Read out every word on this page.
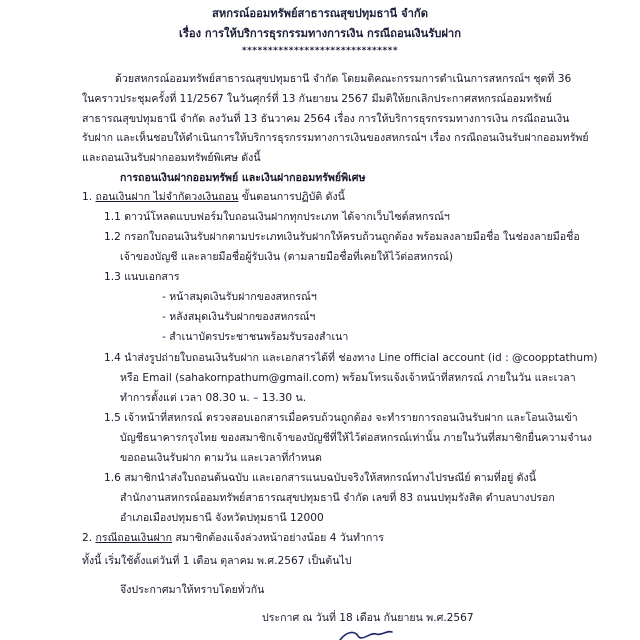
สหกรณ์ออมทรัพย์สาธารณสุขปทุมธานี จำกัด

เรื่อง การให้บริการธุรกรรมทางการเงิน กรณีถอนเงินรับฝาก

******************************

ด้วยสหกรณ์ออมทรัพย์สาธารณสุขปทุมธานี จำกัด โดยมติคณะกรรมการดำเนินการสหกรณ์ฯ ชุดที่ 36

ในคราวประชุมครั้งที่ 11/2567 ในวันศุกร์ที่ 13 กันยายน 2567 มีมติให้ยกเลิกประกาศสหกรณ์ออมทรัพย์

สาธารณสุขปทุมธานี จำกัด ลงวันที่ 13 ธันวาคม 2564 เรื่อง การให้บริการธุรกรรมทางการเงิน กรณีถอนเงิน

รับฝาก และเห็นชอบให้ดำเนินการให้บริการธุรกรรมทางการเงินของสหกรณ์ฯ เรื่อง กรณีถอนเงินรับฝากออมทรัพย์

และถอนเงินรับฝากออมทรัพย์พิเศษ ดังนี้

การถอนเงินฝากออมทรัพย์ และเงินฝากออมทรัพย์พิเศษ

1. ถอนเงินฝาก ไม่จำกัดวงเงินถอน ขั้นตอนการปฏิบัติ ดังนี้

1.1 ดาวน์โหลดแบบฟอร์มใบถอนเงินฝากทุกประเภท ได้จากเว็บไซต์สหกรณ์ฯ

1.2 กรอกใบถอนเงินรับฝากตามประเภทเงินรับฝากให้ครบถ้วนถูกต้อง พร้อมลงลายมือชื่อ ในช่องลายมือชื่อ

เจ้าของบัญชี และลายมือชื่อผู้รับเงิน (ตามลายมือชื่อที่เคยให้ไว้ต่อสหกรณ์)

1.3 แนบเอกสาร

- หน้าสมุดเงินรับฝากของสหกรณ์ฯ

- หลังสมุดเงินรับฝากของสหกรณ์ฯ

- สำเนาบัตรประชาชนพร้อมรับรองสำเนา

1.4 นำส่งรูปถ่ายใบถอนเงินรับฝาก และเอกสารได้ที่ ช่องทาง Line official account (id : @coopptathum)

หรือ Email (sahakornpathum@gmail.com) พร้อมโทรแจ้งเจ้าหน้าที่สหกรณ์ ภายในวัน และเวลา

ทำการตั้งแต่ เวลา 08.30 น. – 13.30 น.

1.5 เจ้าหน้าที่สหกรณ์ ตรวจสอบเอกสารเมื่อครบถ้วนถูกต้อง จะทำรายการถอนเงินรับฝาก และโอนเงินเข้า

บัญชีธนาคารกรุงไทย ของสมาชิกเจ้าของบัญชีที่ให้ไว้ต่อสหกรณ์เท่านั้น ภายในวันที่สมาชิกยื่นความจำนง

ขอถอนเงินรับฝาก ตามวัน และเวลาที่กำหนด

1.6 สมาชิกนำส่งใบถอนต้นฉบับ และเอกสารแนบฉบับจริงให้สหกรณ์ทางไปรษณีย์ ตามที่อยู่ ดังนี้

สำนักงานสหกรณ์ออมทรัพย์สาธารณสุขปทุมธานี จำกัด เลขที่ 83 ถนนปทุมรังสิต ตำบลบางปรอก

อำเภอเมืองปทุมธานี จังหวัดปทุมธานี 12000

2. กรณีถอนเงินฝาก สมาชิกต้องแจ้งล่วงหน้าอย่างน้อย 4 วันทำการ

ทั้งนี้ เริ่มใช้ตั้งแต่วันที่ 1 เดือน ตุลาคม พ.ศ.2567 เป็นต้นไป

จึงประกาศมาให้ทราบโดยทั่วกัน

ประกาศ ณ วันที่ 18 เดือน กันยายน พ.ศ.2567
